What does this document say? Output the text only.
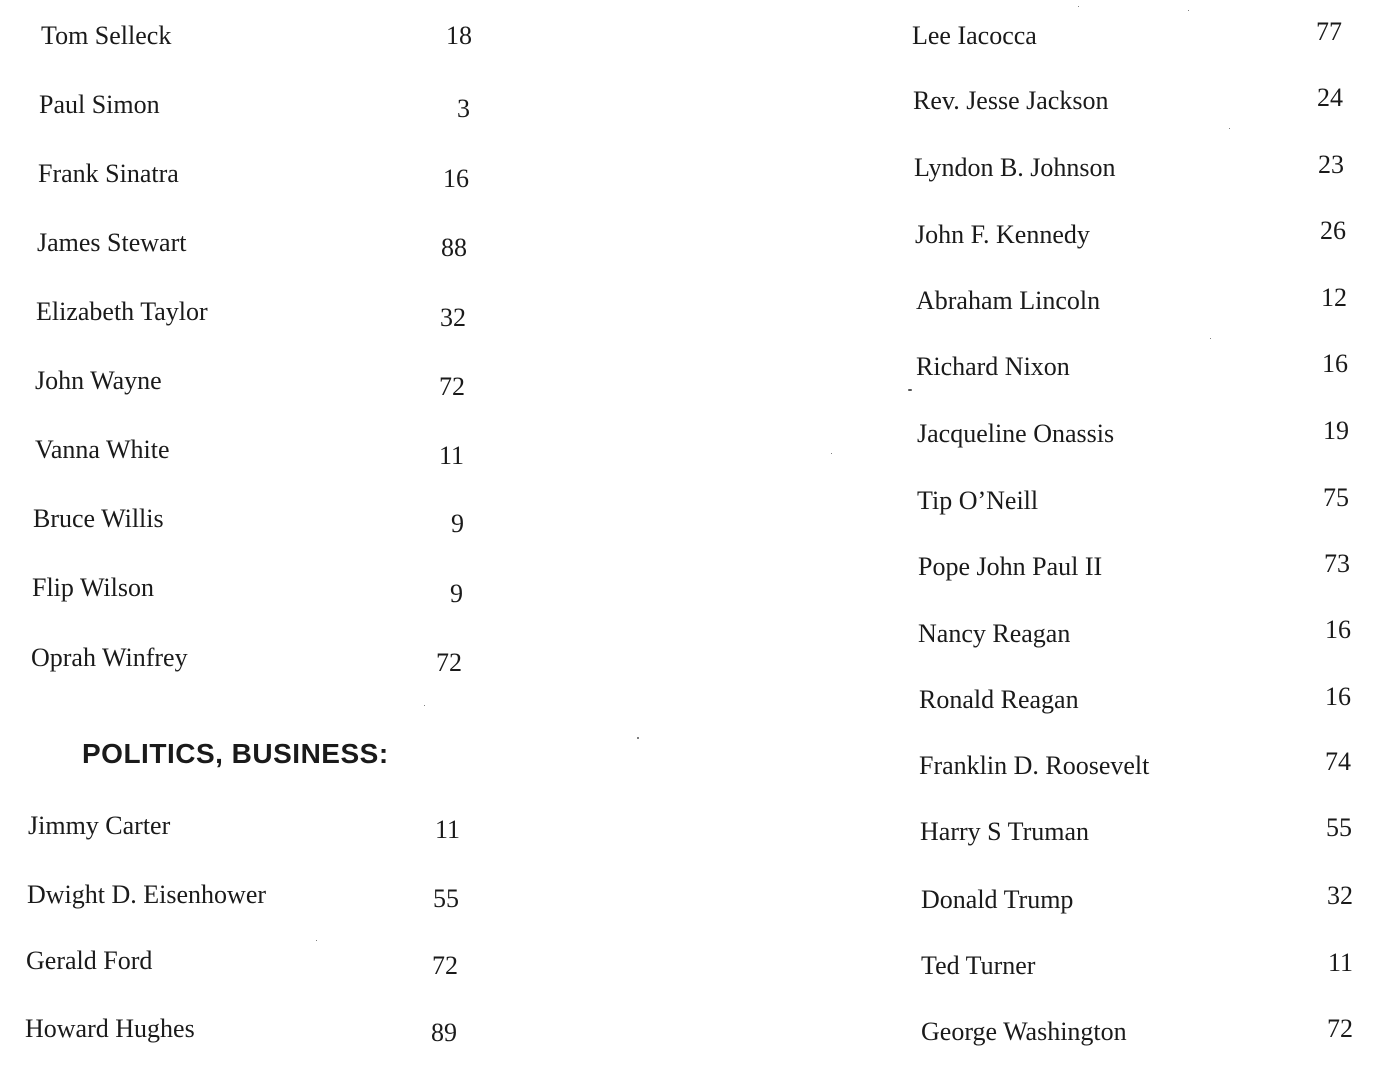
Tom Selleck	18
Paul Simon	3
Frank Sinatra	16
James Stewart	88
Elizabeth Taylor	32
John Wayne	72
Vanna White	11
Bruce Willis	9
Flip Wilson	9
Oprah Winfrey	72
POLITICS, BUSINESS:
Jimmy Carter	11
Dwight D. Eisenhower	55
Gerald Ford	72
Howard Hughes	89
Lee Iacocca	77
Rev. Jesse Jackson	24
Lyndon B. Johnson	23
John F. Kennedy	26
Abraham Lincoln	12
Richard Nixon	16
Jacqueline Onassis	19
Tip O’Neill	75
Pope John Paul II	73
Nancy Reagan	16
Ronald Reagan	16
Franklin D. Roosevelt	74
Harry S Truman	55
Donald Trump	32
Ted Turner	11
George Washington	72
